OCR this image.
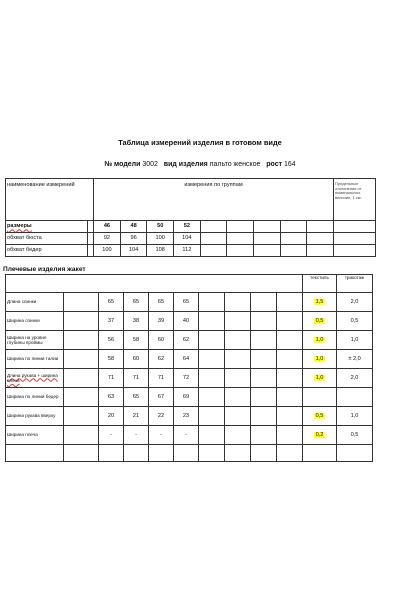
Таблица измерений изделия в готовом виде
№ модели 3002 вид изделия пальто женское рост 164
наименование измерений		измерения по группам									Предельные отклонения от номинальных величин, 1 см.
размеры		46	48	50	52						
обхват бюста		92	96	100	104						
обхват бедер		100	104	108	112						
Плечевые изделия жакет
										текстиль	трикотаж
Длина спинки		65	65	65	65					1,5	2,0
Ширина спинки		37	38	39	40					0,5	0,5
Ширина на уровне глубины проймы		56	58	60	62					1,0	1,0
Ширина по линии талии		58	60	62	64					1,0	± 2,0
Длина рукава + ширина плеча		71	71	71	72					1,0	2,0
Ширина по линии бедер		63	65	67	69						
Ширина рукава вверху		20	21	22	23					0,5	1,0
Ширина плеча		-	-	-	-					0,2	0,5
